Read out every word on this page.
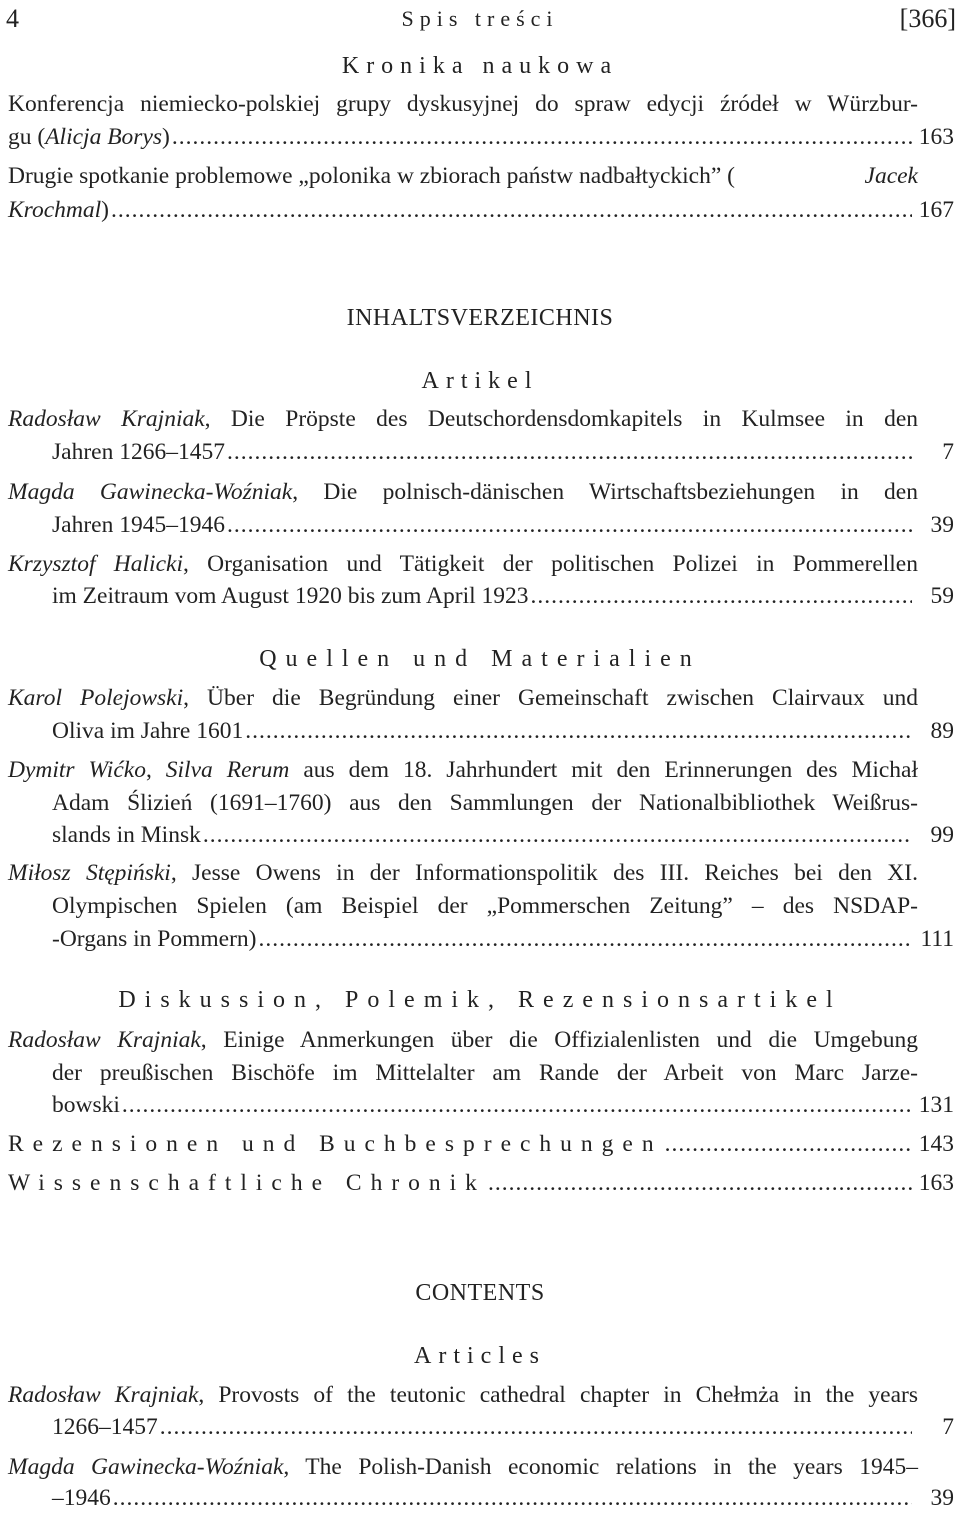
4	Spis treści	[366]
Kronika naukowa
Konferencja niemiecko-polskiej grupy dyskusyjnej do spraw edycji źródeł w Würzbur-
gu (Alicja Borys) .....	163
Drugie spotkanie problemowe „polonika w zbiorach państw nadbałtyckich” (	Jacek
Krochmal) .....	167
INHALTSVERZEICHNIS
Artikel
Radosław Krajniak, Die Pröpste des Deutschordensdomkapitels in Kulmsee in den
Jahren 1266–1457 .....	7
Magda Gawinecka-Woźniak, Die polnisch-dänischen Wirtschaftsbeziehungen in den
Jahren 1945–1946 .....	39
Krzysztof Halicki, Organisation und Tätigkeit der politischen Polizei in Pommerellen
im Zeitraum vom August 1920 bis zum April 1923 .....	59
Quellen und Materialien
Karol Polejowski, Über die Begründung einer Gemeinschaft zwischen Clairvaux und
Oliva im Jahre 1601 .....	89
Dymitr Wićko, Silva Rerum aus dem 18. Jahrhundert mit den Erinnerungen des Michał
Adam Ślizień (1691–1760) aus den Sammlungen der Nationalbibliothek Weißrus-
slands in Minsk .....	99
Miłosz Stępiński, Jesse Owens in der Informationspolitik des III. Reiches bei den XI.
Olympischen Spielen (am Beispiel der „Pommerschen Zeitung” – des NSDAP-
-Organs in Pommern) .....	111
Diskussion, Polemik, Rezensionsartikel
Radosław Krajniak, Einige Anmerkungen über die Offizialenlisten und die Umgebung
der preußischen Bischöfe im Mittelalter am Rande der Arbeit von Marc Jarze-
bowski .....	131
Rezensionen und Buchbesprechungen .....	143
Wissenschaftliche Chronik .....	163
CONTENTS
Articles
Radosław Krajniak, Provosts of the teutonic cathedral chapter in Chełmża in the years
1266–1457 .....	7
Magda Gawinecka-Woźniak, The Polish-Danish economic relations in the years 1945–
–1946 .....	39
